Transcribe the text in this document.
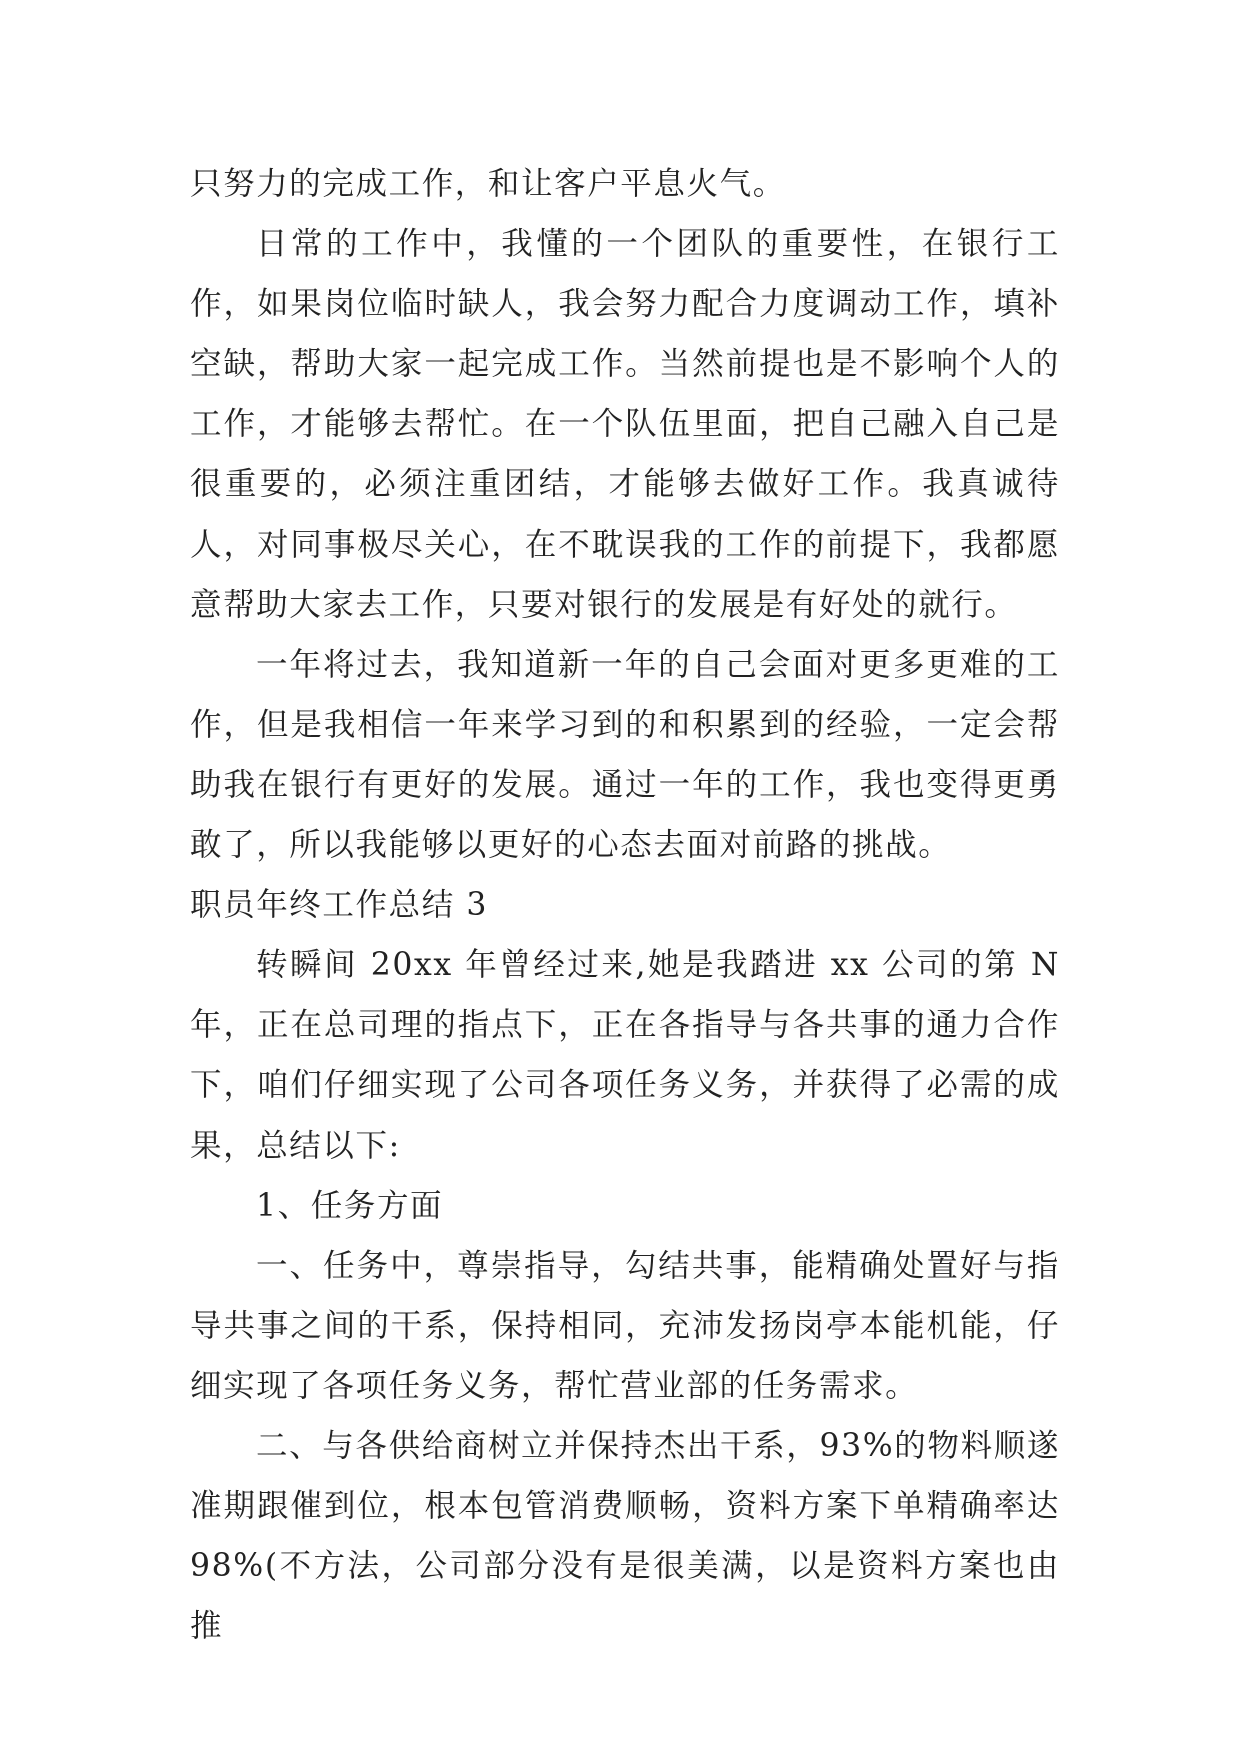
只努力的完成工作，和让客户平息火气。

日常的工作中，我懂的一个团队的重要性，在银行工作，如果岗位临时缺人，我会努力配合力度调动工作，填补空缺，帮助大家一起完成工作。当然前提也是不影响个人的工作，才能够去帮忙。在一个队伍里面，把自己融入自己是很重要的，必须注重团结，才能够去做好工作。我真诚待人，对同事极尽关心，在不耽误我的工作的前提下，我都愿意帮助大家去工作，只要对银行的发展是有好处的就行。

一年将过去，我知道新一年的自己会面对更多更难的工作，但是我相信一年来学习到的和积累到的经验，一定会帮助我在银行有更好的发展。通过一年的工作，我也变得更勇敢了，所以我能够以更好的心态去面对前路的挑战。

职员年终工作总结 3

转瞬间 20xx 年曾经过来,她是我踏进 xx 公司的第 N 年，正在总司理的指点下，正在各指导与各共事的通力合作下，咱们仔细实现了公司各项任务义务，并获得了必需的成果，总结以下:

1、任务方面

一、任务中，尊崇指导，勾结共事，能精确处置好与指导共事之间的干系，保持相同，充沛发扬岗亭本能机能，仔细实现了各项任务义务，帮忙营业部的任务需求。

二、与各供给商树立并保持杰出干系，93%的物料顺遂准期跟催到位，根本包管消费顺畅，资料方案下单精确率达98%(不方法，公司部分没有是很美满，以是资料方案也由推
